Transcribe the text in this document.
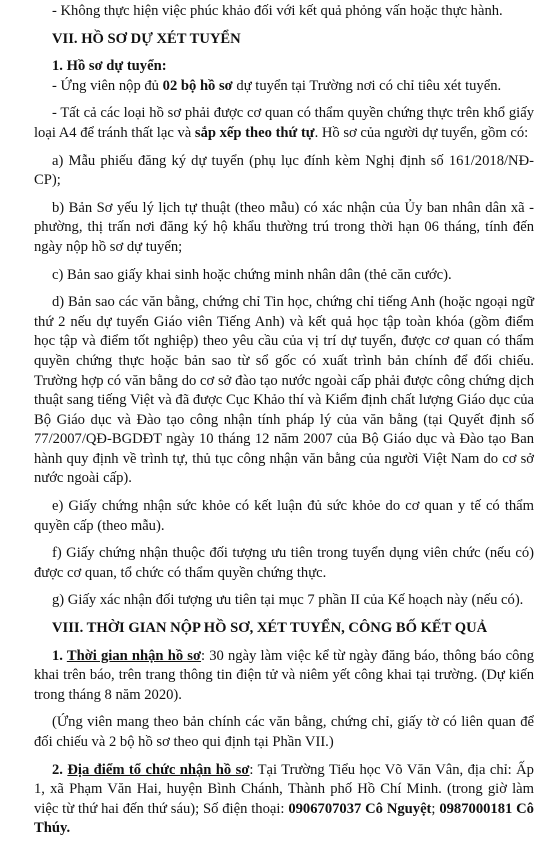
- Không thực hiện việc phúc khảo đối với kết quả phỏng vấn hoặc thực hành.

VII. HỒ SƠ DỰ XÉT TUYỂN

1. Hồ sơ dự tuyển:

- Ứng viên nộp đủ 02 bộ hồ sơ dự tuyển tại Trường nơi có chỉ tiêu xét tuyển.

- Tất cả các loại hồ sơ phải được cơ quan có thẩm quyền chứng thực trên khổ giấy loại A4 để tránh thất lạc và sắp xếp theo thứ tự. Hồ sơ của người dự tuyển, gồm có:

a) Mẫu phiếu đăng ký dự tuyển (phụ lục đính kèm Nghị định số 161/2018/NĐ-CP);

b) Bản Sơ yếu lý lịch tự thuật (theo mẫu) có xác nhận của Ủy ban nhân dân xã - phường, thị trấn nơi đăng ký hộ khẩu thường trú trong thời hạn 06 tháng, tính đến ngày nộp hồ sơ dự tuyển;

c) Bản sao giấy khai sinh hoặc chứng minh nhân dân (thẻ căn cước).

d) Bản sao các văn bằng, chứng chỉ Tin học, chứng chỉ tiếng Anh (hoặc ngoại ngữ thứ 2 nếu dự tuyển Giáo viên Tiếng Anh) và kết quả học tập toàn khóa (gồm điểm học tập và điểm tốt nghiệp) theo yêu cầu của vị trí dự tuyển, được cơ quan có thẩm quyền chứng thực hoặc bản sao từ sổ gốc có xuất trình bản chính để đối chiếu. Trường hợp có văn bằng do cơ sở đào tạo nước ngoài cấp phải được công chứng dịch thuật sang tiếng Việt và đã được Cục Khảo thí và Kiểm định chất lượng Giáo dục của Bộ Giáo dục và Đào tạo công nhận tính pháp lý của văn bằng (tại Quyết định số 77/2007/QĐ-BGDĐT ngày 10 tháng 12 năm 2007 của Bộ Giáo dục và Đào tạo Ban hành quy định về trình tự, thủ tục công nhận văn bằng của người Việt Nam do cơ sở nước ngoài cấp).

e) Giấy chứng nhận sức khỏe có kết luận đủ sức khỏe do cơ quan y tế có thẩm quyền cấp (theo mẫu).

f) Giấy chứng nhận thuộc đối tượng ưu tiên trong tuyển dụng viên chức (nếu có) được cơ quan, tổ chức có thẩm quyền chứng thực.

g) Giấy xác nhận đối tượng ưu tiên tại mục 7 phần II của Kế hoạch này (nếu có).

VIII. THỜI GIAN NỘP HỒ SƠ, XÉT TUYỂN, CÔNG BỐ KẾT QUẢ

1. Thời gian nhận hồ sơ: 30 ngày làm việc kể từ ngày đăng báo, thông báo công khai trên báo, trên trang thông tin điện tử và niêm yết công khai tại trường. (Dự kiến trong tháng 8 năm 2020).

(Ứng viên mang theo bản chính các văn bằng, chứng chỉ, giấy tờ có liên quan để đối chiếu và 2 bộ hồ sơ theo qui định tại Phần VII.)

2. Địa điểm tổ chức nhận hồ sơ: Tại Trường Tiểu học Võ Văn Vân, địa chỉ: Ấp 1, xã Phạm Văn Hai, huyện Bình Chánh, Thành phố Hồ Chí Minh. (trong giờ làm việc từ thứ hai đến thứ sáu); Số điện thoại: 0906707037 Cô Nguyệt; 0987000181 Cô Thúy.
